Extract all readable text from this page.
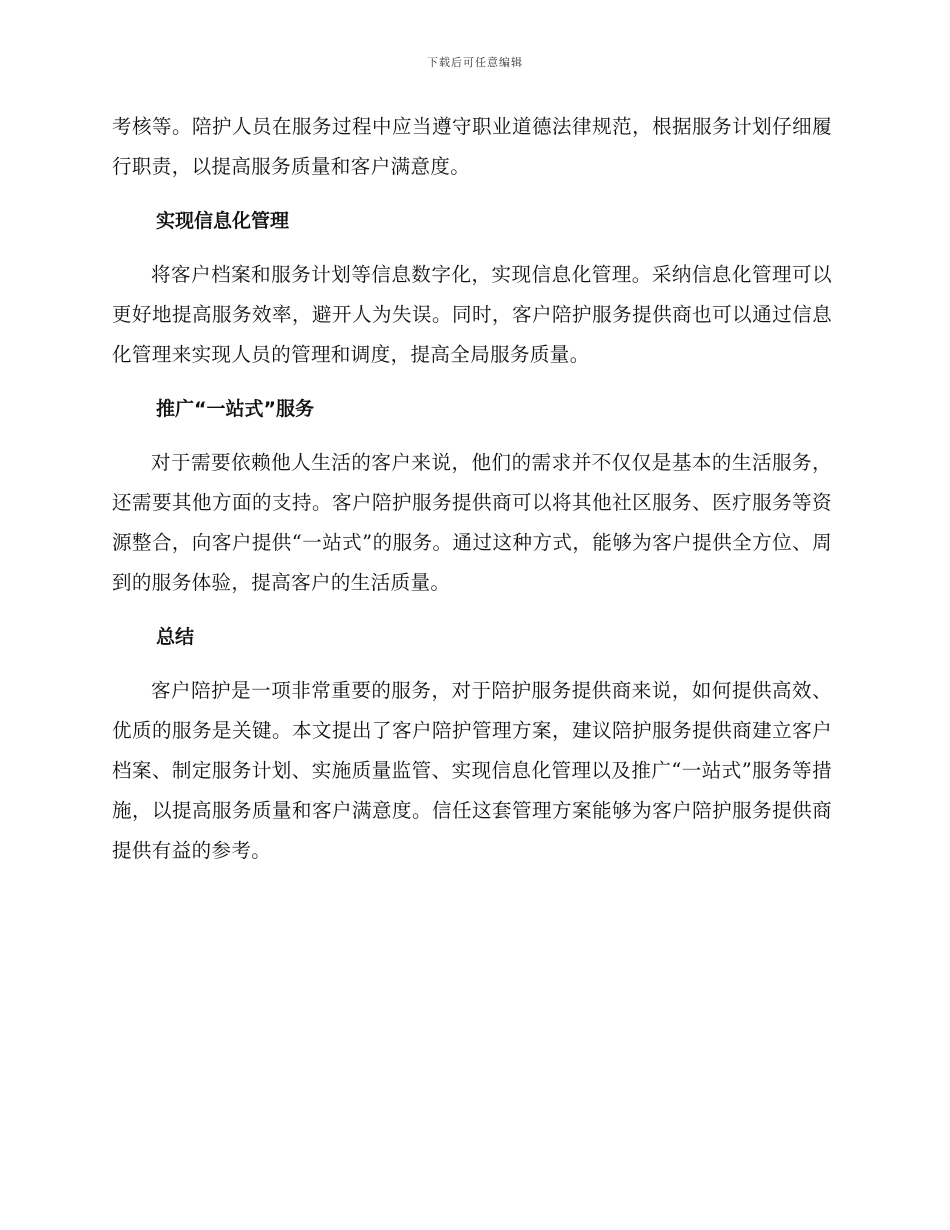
下载后可任意编辑

考核等。陪护人员在服务过程中应当遵守职业道德法律规范，根据服务计划仔细履行职责，以提高服务质量和客户满意度。

实现信息化管理

将客户档案和服务计划等信息数字化，实现信息化管理。采纳信息化管理可以更好地提高服务效率，避开人为失误。同时，客户陪护服务提供商也可以通过信息化管理来实现人员的管理和调度，提高全局服务质量。

推广“一站式”服务

对于需要依赖他人生活的客户来说，他们的需求并不仅仅是基本的生活服务，还需要其他方面的支持。客户陪护服务提供商可以将其他社区服务、医疗服务等资源整合，向客户提供“一站式”的服务。通过这种方式，能够为客户提供全方位、周到的服务体验，提高客户的生活质量。

总结

客户陪护是一项非常重要的服务，对于陪护服务提供商来说，如何提供高效、优质的服务是关键。本文提出了客户陪护管理方案，建议陪护服务提供商建立客户档案、制定服务计划、实施质量监管、实现信息化管理以及推广“一站式”服务等措施，以提高服务质量和客户满意度。信任这套管理方案能够为客户陪护服务提供商提供有益的参考。
